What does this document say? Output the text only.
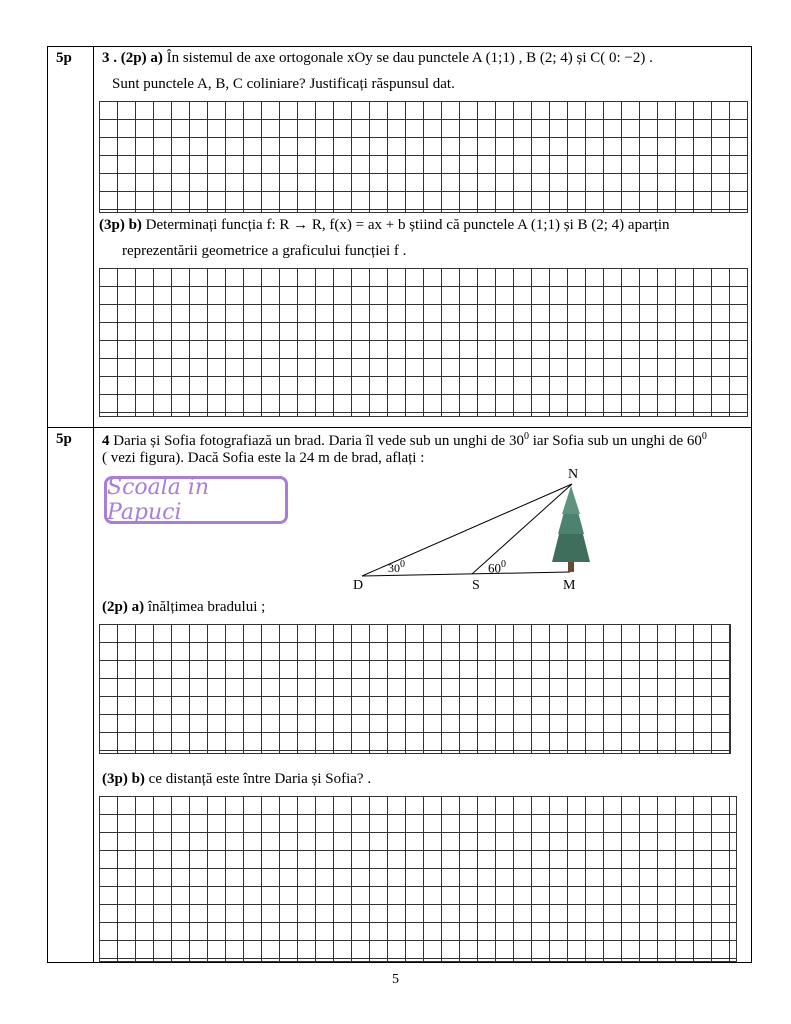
5p 3 . (2p) a) În sistemul de axe ortogonale xOy se dau punctele A (1;1) , B (2; 4) și C( 0: −2) .
Sunt punctele A, B, C coliniare? Justificați răspunsul dat.
(3p) b) Determinați funcția f: R → R, f(x) = ax + b știind că punctele A (1;1) și B (2; 4) aparțin
reprezentării geometrice a graficului funcției f .
5p 4 Daria și Sofia fotografiază un brad. Daria îl vede sub un unghi de $30^0$ iar Sofia sub un unghi de $60^0$
( vezi figura). Dacă Sofia este la 24 m de brad, aflați :
Scoala in Papuci
N
D	S	M
$30^0$	$60^0$
(2p) a) înălțimea bradului ;
(3p) b) ce distanță este între Daria și Sofia? .
5
